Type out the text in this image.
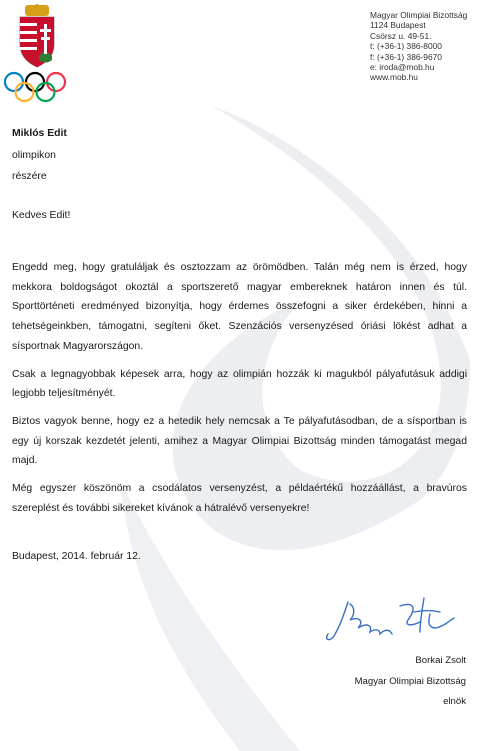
Magyar Olimpiai Bizottság
1124 Budapest
Csörsz u. 49-51.
t: (+36-1) 386-8000
f: (+36-1) 386-9670
e: iroda@mob.hu
www.mob.hu
Miklós Edit
olimpikon
részére
Kedves Edit!

Engedd meg, hogy gratuláljak és osztozzam az örömödben. Talán még nem is érzed, hogy mekkora boldogságot okoztál a sportszerető magyar embereknek határon innen és túl. Sporttörténeti eredményed bizonyítja, hogy érdemes összefogni a siker érdekében, hinni a tehetségeinkben, támogatni, segíteni őket. Szenzációs versenyzésed óriási lökést adhat a sísportnak Magyarországon.

Csak a legnagyobbak képesek arra, hogy az olimpián hozzák ki magukból pályafutásuk addigi legjobb teljesítményét.

Biztos vagyok benne, hogy ez a hetedik hely nemcsak a Te pályafutásodban, de a sísportban is egy új korszak kezdetét jelenti, amihez a Magyar Olimpiai Bizottság minden támogatást megad majd.

Még egyszer köszönöm a csodálatos versenyzést, a példaértékű hozzáállást, a bravúros szereplést és további sikereket kívánok a hátralévő versenyekre!

Budapest, 2014. február 12.
Borkai Zsolt
Magyar Olimpiai Bizottság
elnök
